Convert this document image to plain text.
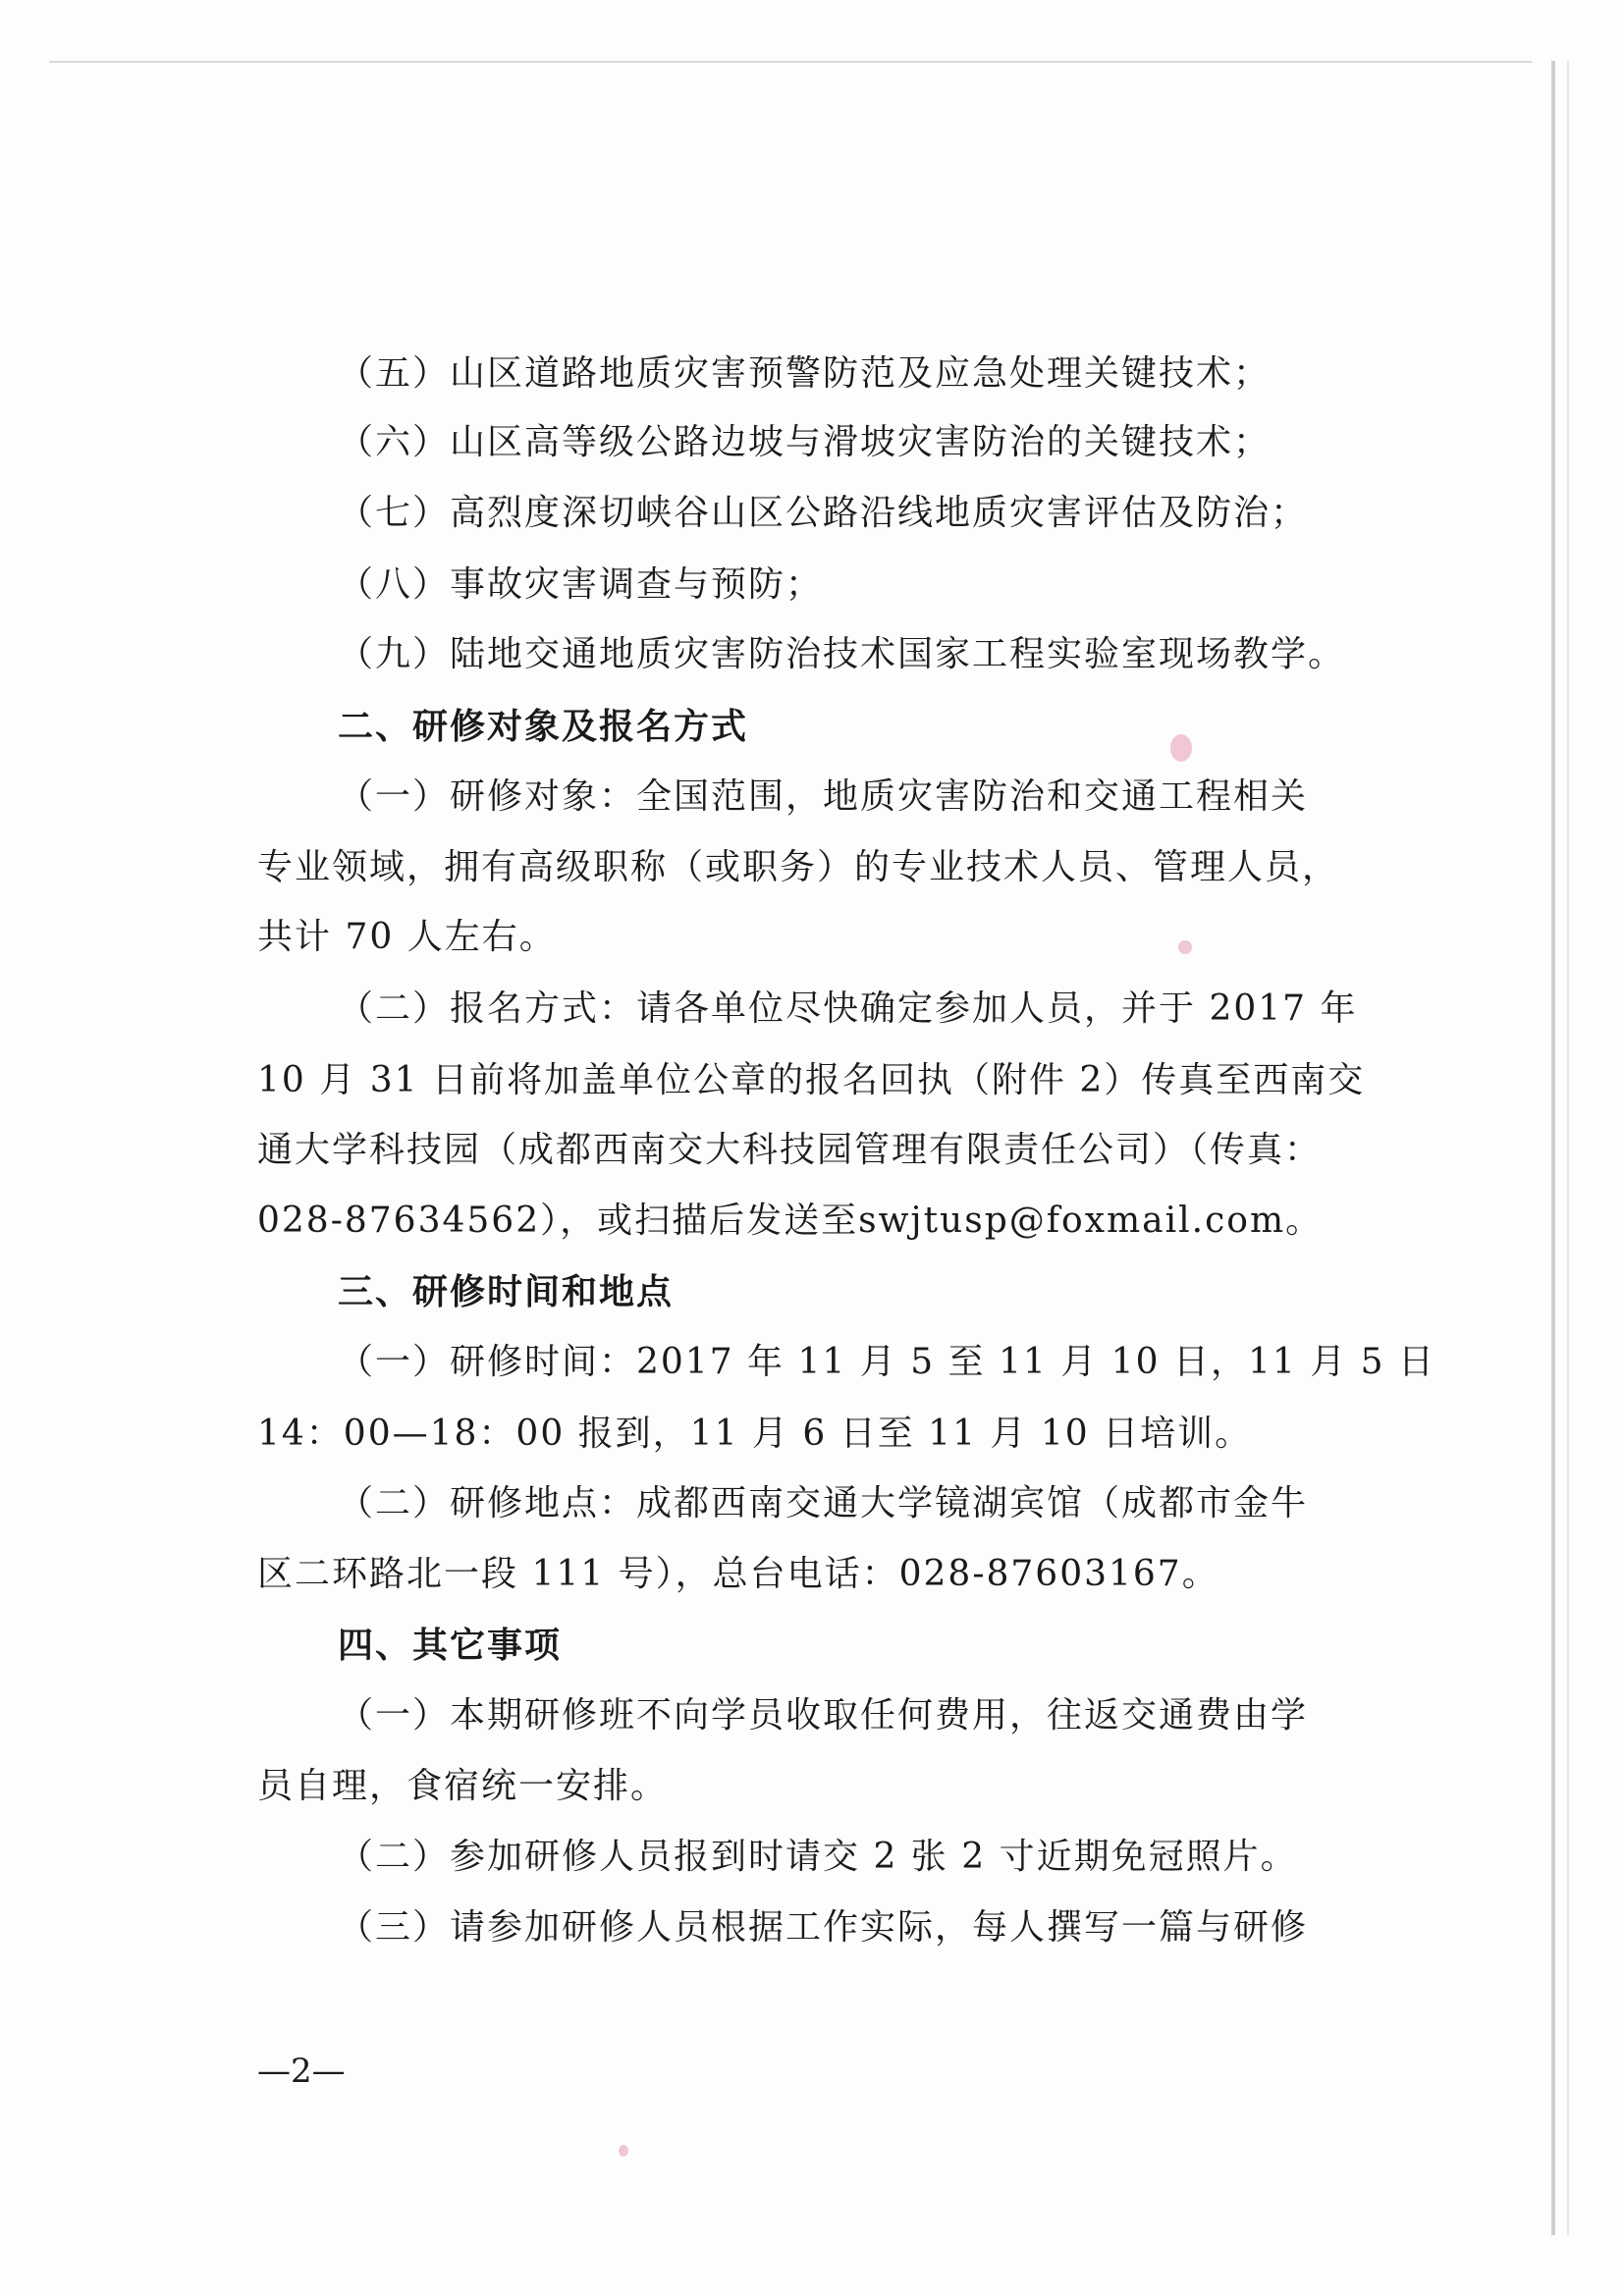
（五）山区道路地质灾害预警防范及应急处理关键技术；
（六）山区高等级公路边坡与滑坡灾害防治的关键技术；
（七）高烈度深切峡谷山区公路沿线地质灾害评估及防治；
（八）事故灾害调查与预防；
（九）陆地交通地质灾害防治技术国家工程实验室现场教学。
二、研修对象及报名方式
（一）研修对象：全国范围，地质灾害防治和交通工程相关
专业领域，拥有高级职称（或职务）的专业技术人员、管理人员，
共计 70 人左右。
（二）报名方式：请各单位尽快确定参加人员，并于 2017 年
10 月 31 日前将加盖单位公章的报名回执（附件 2）传真至西南交
通大学科技园（成都西南交大科技园管理有限责任公司）（传真：
028-87634562），或扫描后发送至swjtusp@foxmail.com。
三、研修时间和地点
（一）研修时间：2017 年 11 月 5 至 11 月 10 日，11 月 5 日
14：00—18：00 报到，11 月 6 日至 11 月 10 日培训。
（二）研修地点：成都西南交通大学镜湖宾馆（成都市金牛
区二环路北一段 111 号），总台电话：028-87603167。
四、其它事项
（一）本期研修班不向学员收取任何费用，往返交通费由学
员自理，食宿统一安排。
（二）参加研修人员报到时请交 2 张 2 寸近期免冠照片。
（三）请参加研修人员根据工作实际，每人撰写一篇与研修
—2—
